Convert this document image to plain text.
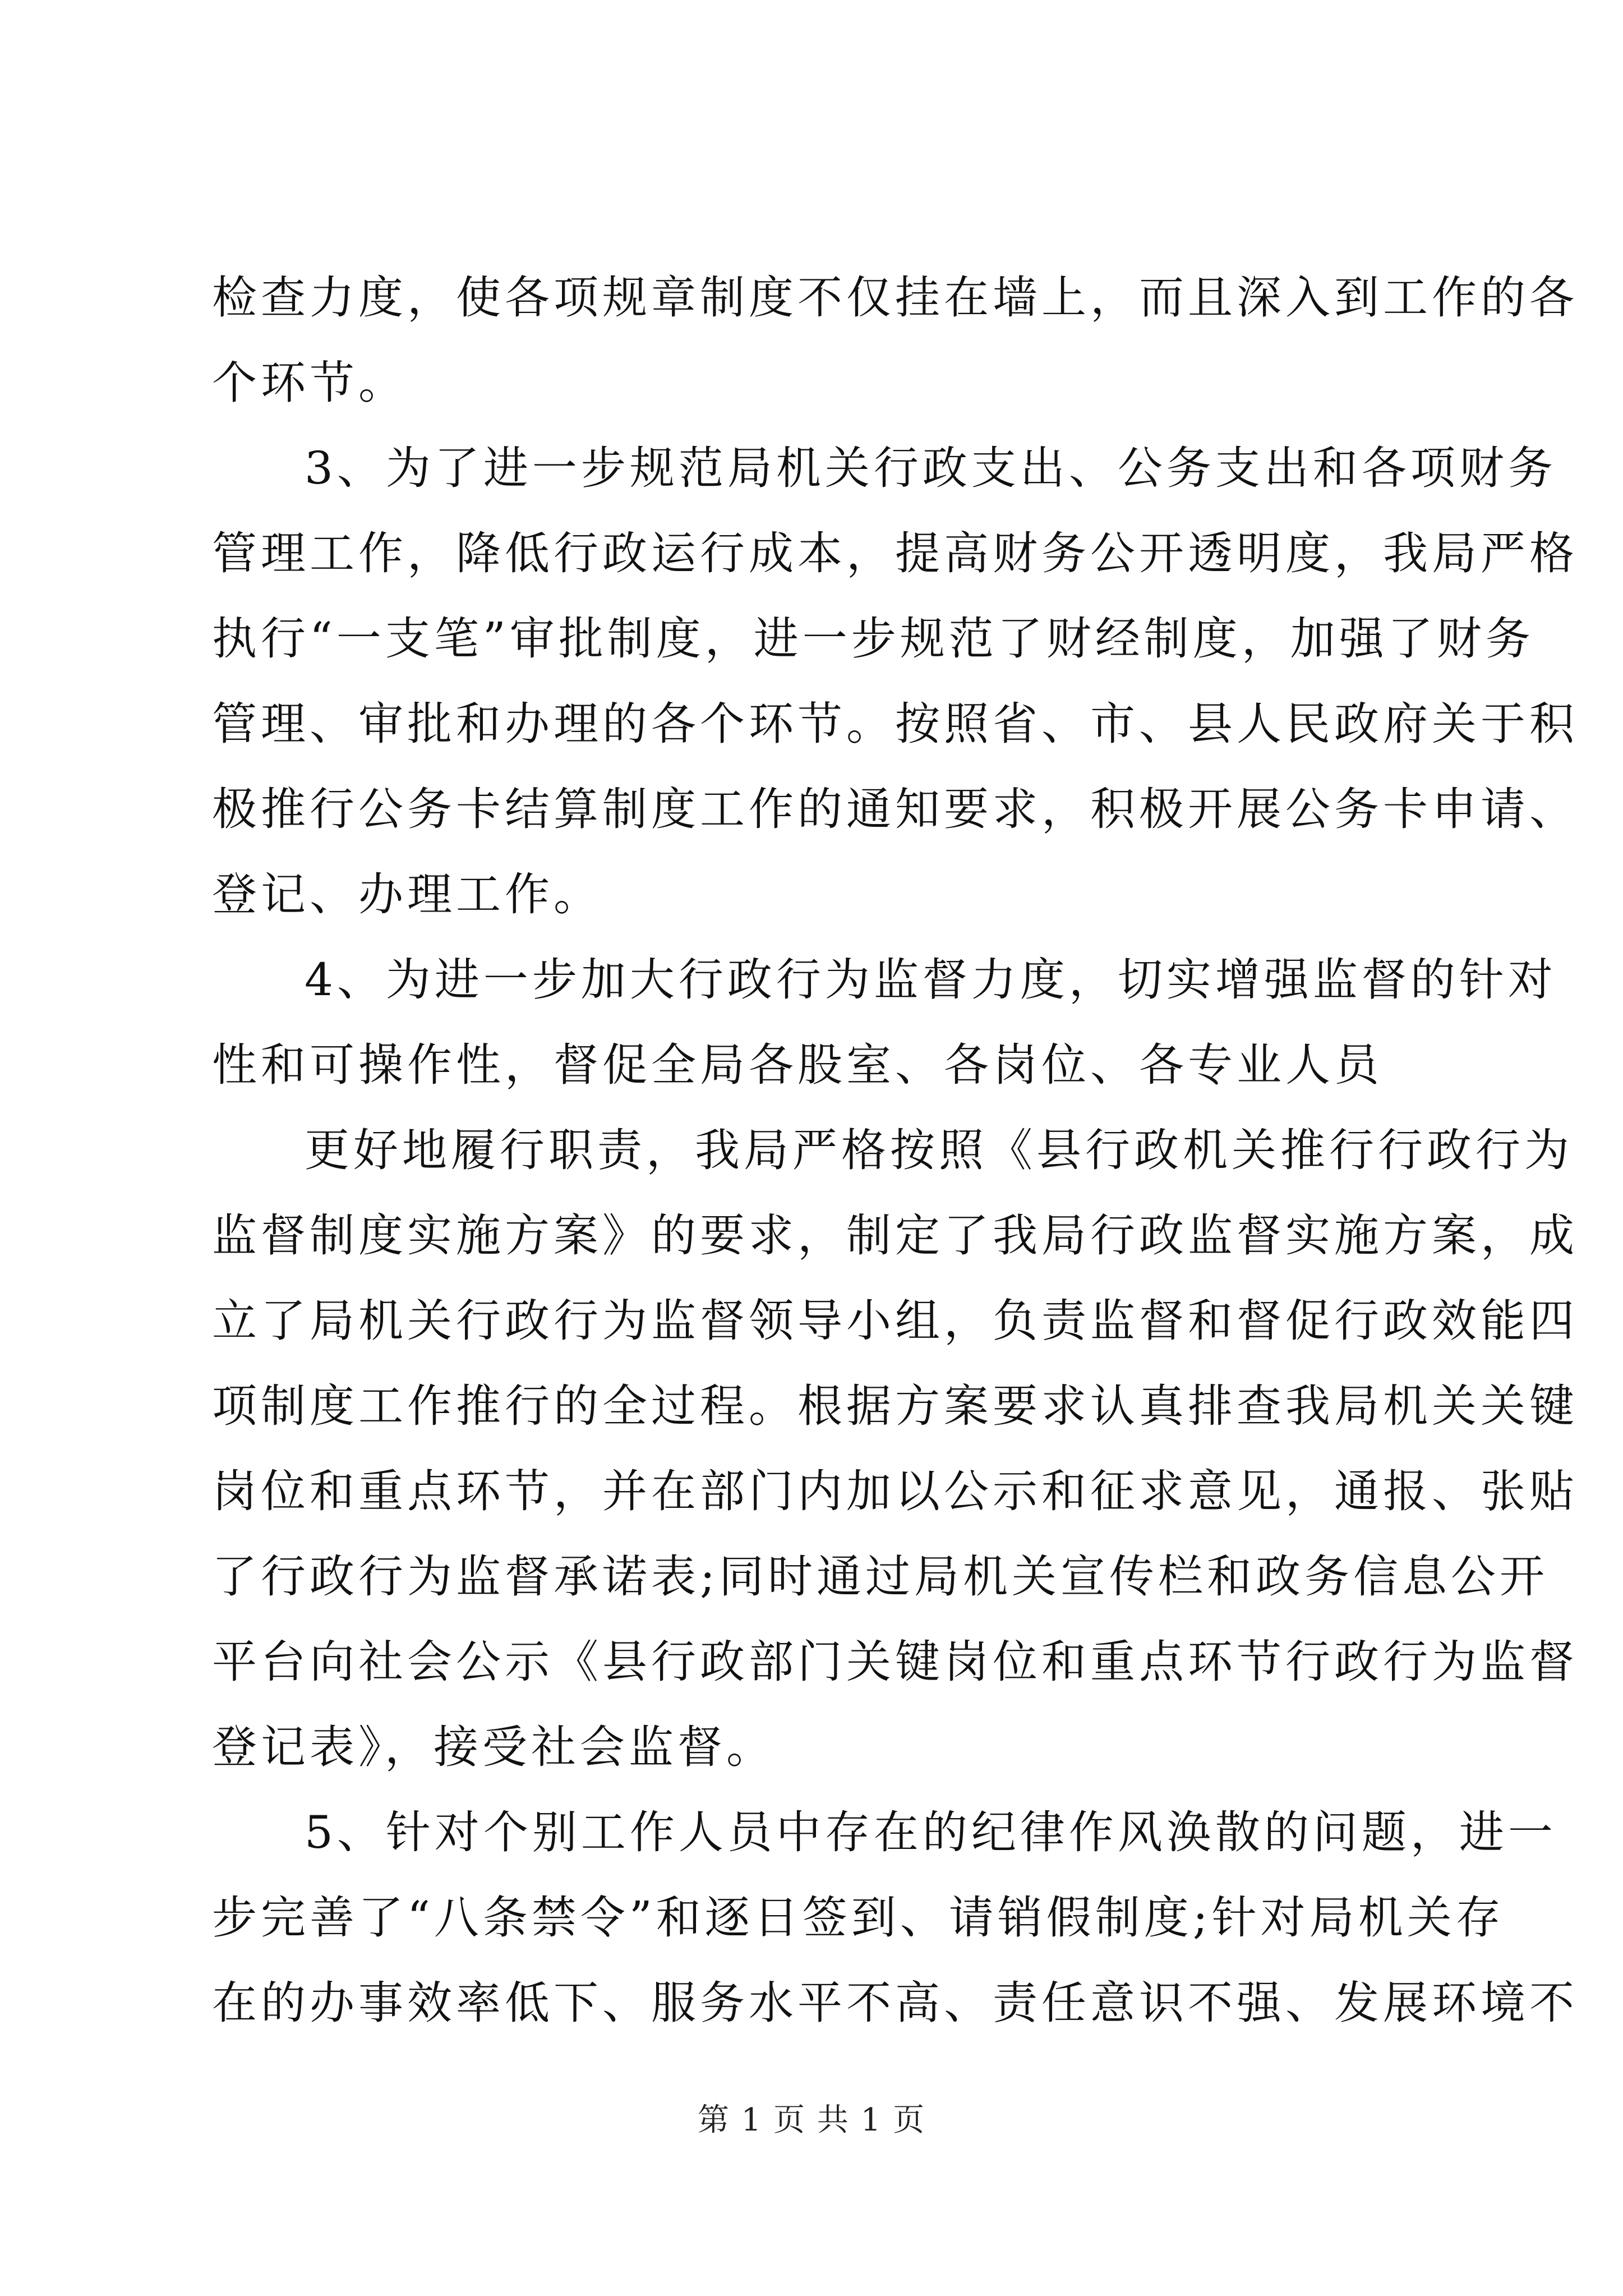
检查力度，使各项规章制度不仅挂在墙上，而且深入到工作的各
个环节。
3、为了进一步规范局机关行政支出、公务支出和各项财务
管理工作，降低行政运行成本，提高财务公开透明度，我局严格
执行“一支笔”审批制度，进一步规范了财经制度，加强了财务
管理、审批和办理的各个环节。按照省、市、县人民政府关于积
极推行公务卡结算制度工作的通知要求，积极开展公务卡申请、
登记、办理工作。
4、为进一步加大行政行为监督力度，切实增强监督的针对
性和可操作性，督促全局各股室、各岗位、各专业人员
更好地履行职责，我局严格按照《县行政机关推行行政行为
监督制度实施方案》的要求，制定了我局行政监督实施方案，成
立了局机关行政行为监督领导小组，负责监督和督促行政效能四
项制度工作推行的全过程。根据方案要求认真排查我局机关关键
岗位和重点环节，并在部门内加以公示和征求意见，通报、张贴
了行政行为监督承诺表;同时通过局机关宣传栏和政务信息公开
平台向社会公示《县行政部门关键岗位和重点环节行政行为监督
登记表》，接受社会监督。
5、针对个别工作人员中存在的纪律作风涣散的问题，进一
步完善了“八条禁令”和逐日签到、请销假制度;针对局机关存
在的办事效率低下、服务水平不高、责任意识不强、发展环境不
第 1 页 共 1 页
